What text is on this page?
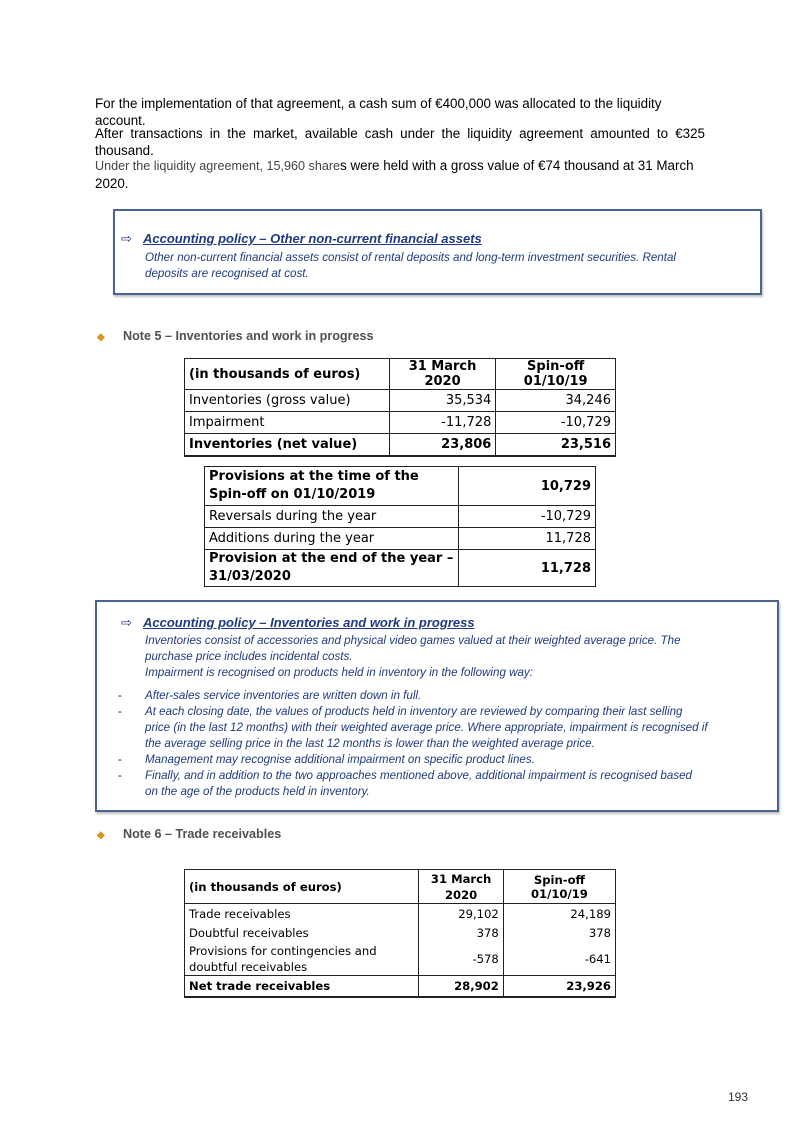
For the implementation of that agreement, a cash sum of €400,000 was allocated to the liquidity account.

After transactions in the market, available cash under the liquidity agreement amounted to €325 thousand.

Under the liquidity agreement, 15,960 shares were held with a gross value of €74 thousand at 31 March 2020.

⇨ Accounting policy – Other non-current financial assets

Other non-current financial assets consist of rental deposits and long-term investment securities. Rental deposits are recognised at cost.

◆ Note 5 – Inventories and work in progress
(in thousands of euros)	31 March 2020	Spin-off 01/10/19
Inventories (gross value)	35,534	34,246
Impairment	-11,728	-10,729
Inventories (net value)	23,806	23,516
Provisions at the time of the Spin-off on 01/10/2019	10,729
Reversals during the year	-10,729
Additions during the year	11,728
Provision at the end of the year – 31/03/2020	11,728
⇨ Accounting policy – Inventories and work in progress

Inventories consist of accessories and physical video games valued at their weighted average price. The purchase price includes incidental costs.

Impairment is recognised on products held in inventory in the following way:

- After-sales service inventories are written down in full.
- At each closing date, the values of products held in inventory are reviewed by comparing their last selling price (in the last 12 months) with their weighted average price. Where appropriate, impairment is recognised if the average selling price in the last 12 months is lower than the weighted average price.
- Management may recognise additional impairment on specific product lines.
- Finally, and in addition to the two approaches mentioned above, additional impairment is recognised based on the age of the products held in inventory.
◆ Note 6 – Trade receivables
(in thousands of euros)	31 March 2020	Spin-off 01/10/19
Trade receivables	29,102	24,189
Doubtful receivables	378	378
Provisions for contingencies and doubtful receivables	-578	-641
Net trade receivables	28,902	23,926
193
